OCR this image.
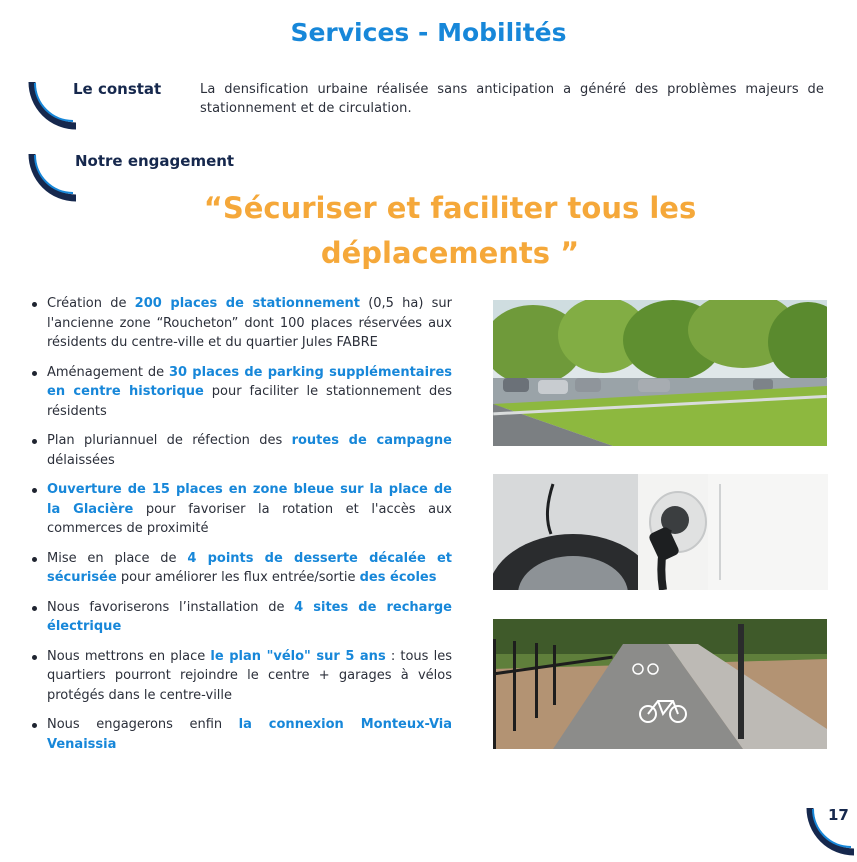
Services - Mobilités
Le constat	La densification urbaine réalisée sans anticipation a généré des problèmes majeurs de stationnement et de circulation.
Notre engagement
“Sécuriser et faciliter tous les
déplacements ”
Création de 200 places de stationnement (0,5 ha) sur l'ancienne zone “Roucheton” dont 100 places réservées aux résidents du centre-ville et du quartier Jules FABRE
Aménagement de 30 places de parking supplémentaires en centre historique pour faciliter le stationnement des résidents
Plan pluriannuel de réfection des routes de campagne délaissées
Ouverture de 15 places en zone bleue sur la place de la Glacière pour favoriser la rotation et l'accès aux commerces de proximité
Mise en place de 4 points de desserte décalée et sécurisée pour améliorer les flux entrée/sortie des écoles
Nous favoriserons l’installation de 4 sites de recharge électrique
Nous mettrons en place le plan "vélo" sur 5 ans : tous les quartiers pourront rejoindre le centre + garages à vélos protégés dans le centre-ville
Nous engagerons enfin la connexion Monteux-Via Venaissia
17
